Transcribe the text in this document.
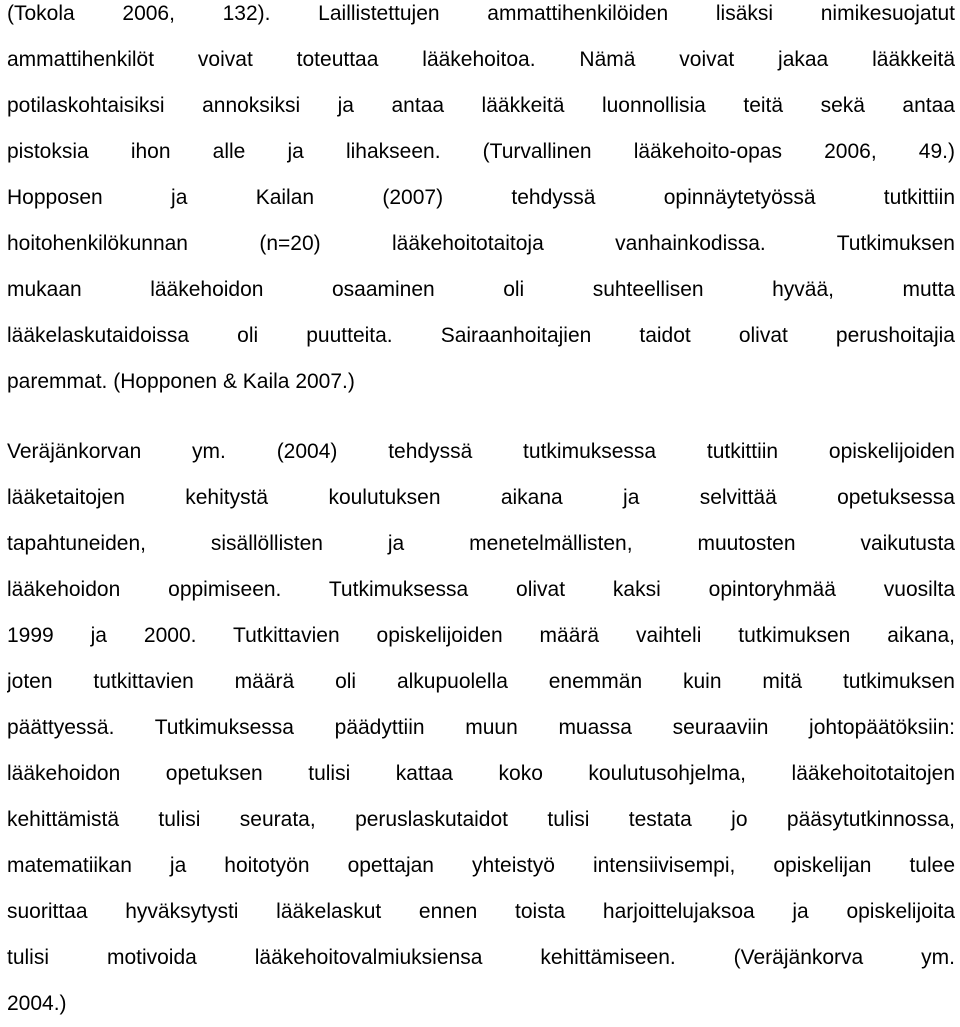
(Tokola 2006, 132). Laillistettujen ammattihenkilöiden lisäksi nimikesuojatut
ammattihenkilöt voivat toteuttaa lääkehoitoa. Nämä voivat jakaa lääkkeitä
potilaskohtaisiksi annoksiksi ja antaa lääkkeitä luonnollisia teitä sekä antaa
pistoksia ihon alle ja lihakseen. (Turvallinen lääkehoito-opas 2006, 49.)
Hopposen ja Kailan (2007) tehdyssä opinnäytetyössä tutkittiin
hoitohenkilökunnan (n=20) lääkehoitotaitoja vanhainkodissa. Tutkimuksen
mukaan lääkehoidon osaaminen oli suhteellisen hyvää, mutta
lääkelaskutaidoissa oli puutteita. Sairaanhoitajien taidot olivat perushoitajia
paremmat. (Hopponen & Kaila 2007.)
Veräjänkorvan ym. (2004) tehdyssä tutkimuksessa tutkittiin opiskelijoiden
lääketaitojen kehitystä koulutuksen aikana ja selvittää opetuksessa
tapahtuneiden, sisällöllisten ja menetelmällisten, muutosten vaikutusta
lääkehoidon oppimiseen. Tutkimuksessa olivat kaksi opintoryhmää vuosilta
1999 ja 2000. Tutkittavien opiskelijoiden määrä vaihteli tutkimuksen aikana,
joten tutkittavien määrä oli alkupuolella enemmän kuin mitä tutkimuksen
päättyessä. Tutkimuksessa päädyttiin muun muassa seuraaviin johtopäätöksiin:
lääkehoidon opetuksen tulisi kattaa koko koulutusohjelma, lääkehoitotaitojen
kehittämistä tulisi seurata, peruslaskutaidot tulisi testata jo pääsytutkinnossa,
matematiikan ja hoitotyön opettajan yhteistyö intensiivisempi, opiskelijan tulee
suorittaa hyväksytysti lääkelaskut ennen toista harjoittelujaksoa ja opiskelijoita
tulisi motivoida lääkehoitovalmiuksiensa kehittämiseen. (Veräjänkorva ym.
2004.)
